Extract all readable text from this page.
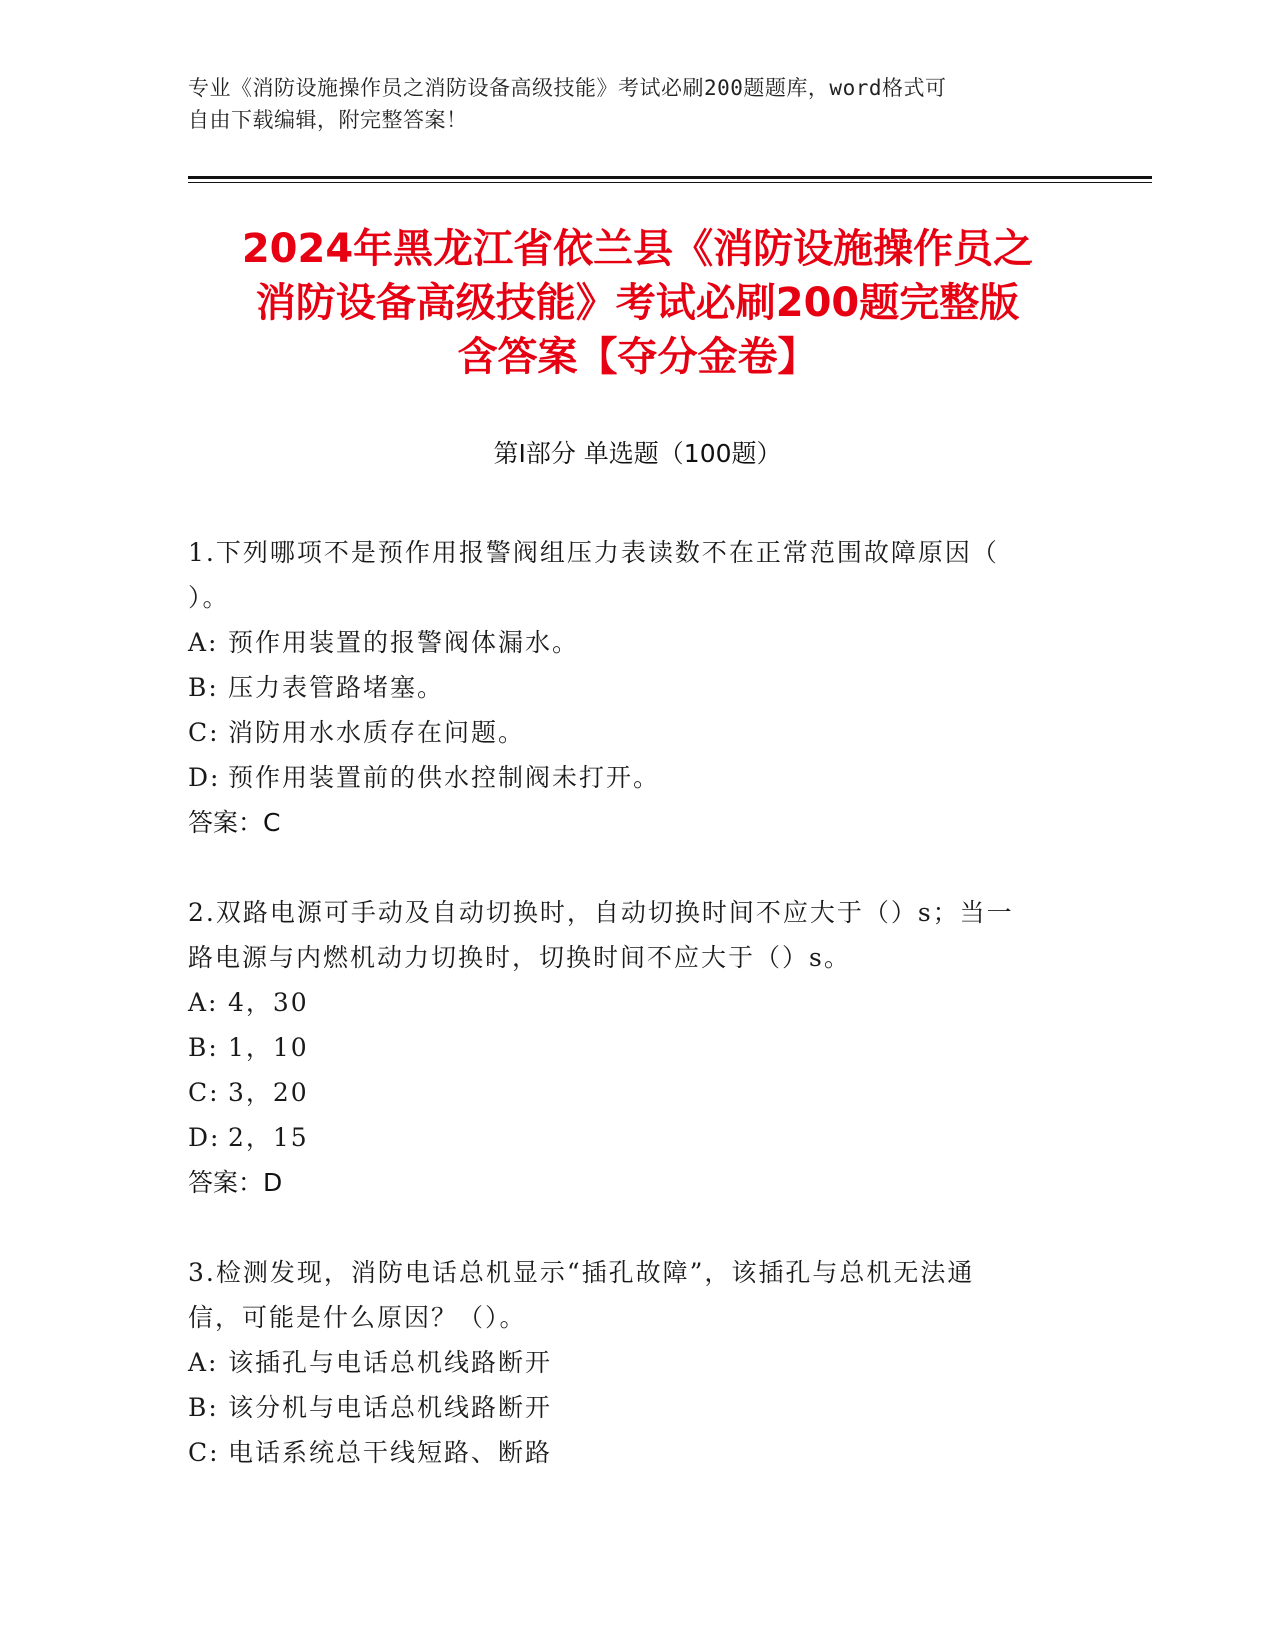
专业《消防设施操作员之消防设备高级技能》考试必刷200题题库，word格式可
自由下载编辑，附完整答案！
2024年黑龙江省依兰县《消防设施操作员之
消防设备高级技能》考试必刷200题完整版
含答案【夺分金卷】
第Ⅰ部分 单选题（100题）
1.下列哪项不是预作用报警阀组压力表读数不在正常范围故障原因（
）。
A: 预作用装置的报警阀体漏水。
B: 压力表管路堵塞。
C: 消防用水水质存在问题。
D: 预作用装置前的供水控制阀未打开。
答案：C
2.双路电源可手动及自动切换时，自动切换时间不应大于（）s；当一
路电源与内燃机动力切换时，切换时间不应大于（）s。
A: 4，30
B: 1，10
C: 3，20
D: 2，15
答案：D
3.检测发现，消防电话总机显示“插孔故障”，该插孔与总机无法通
信，可能是什么原因？（）。
A: 该插孔与电话总机线路断开
B: 该分机与电话总机线路断开
C: 电话系统总干线短路、断路
